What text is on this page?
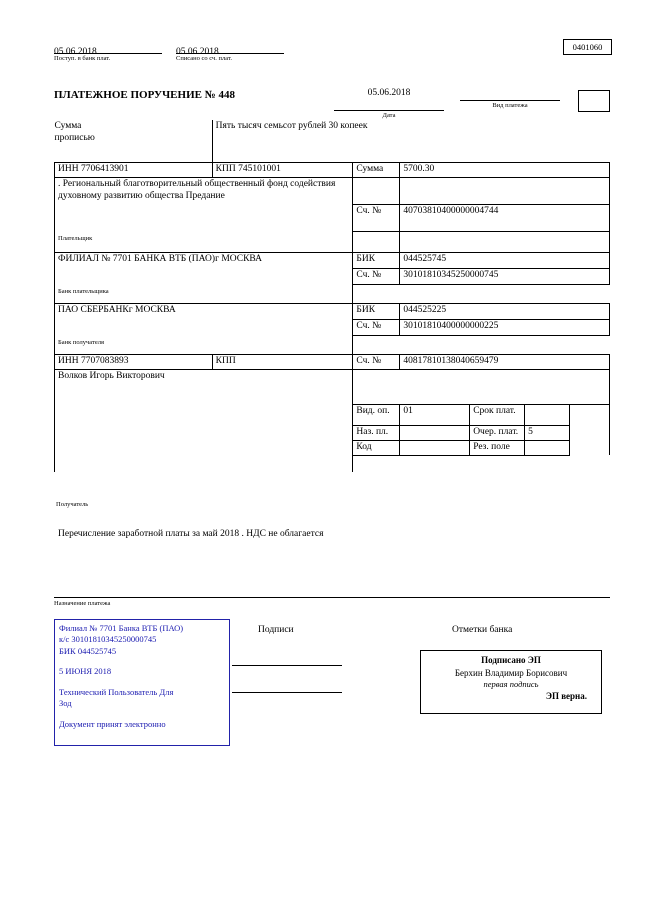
05.06.2018
Поступ. в банк плат.
05.06.2018
Списано со сч. плат.
0401060
ПЛАТЕЖНОЕ ПОРУЧЕНИЕ № 448	05.06.2018
Дата
Вид платежа
Сумма
прописью	Пять тысяч семьсот рублей 30 копеек					
ИНН 7706413901	КПП 745101001	Сумма	5700.30			
. Региональный благотворительный общественный фонд содействия духовному развитию общества Предание						
		Сч. №	40703810400000004744			
Плательщик						
ФИЛИАЛ № 7701 БАНКА ВТБ (ПАО)г МОСКВА		БИК	044525745			
		Сч. №	30101810345250000745			
Банк плательщика						
ПАО СБЕРБАНКг МОСКВА		БИК	044525225			
		Сч. №	30101810400000000225			
Банк получателя						
ИНН 7707083893	КПП	Сч. №	40817810138040659479			
Волков Игорь Викторович						
		Вид. оп.	01	Срок плат.		
		Наз. пл.		Очер. плат.	5	
		Код		Рез. поле		

Получатель
Перечисление заработной платы за май 2018 . НДС не облагается
Назначение платежа
Филиал № 7701 Банка ВТБ (ПАО)
к/с 30101810345250000745
БИК 044525745
5 ИЮНЯ 2018
Технический Пользователь Для
Зод
Документ принят электронно
Подписи	Отметки банка
Подписано ЭП
Берхин Владимир Борисович
первая подпись
ЭП верна.
